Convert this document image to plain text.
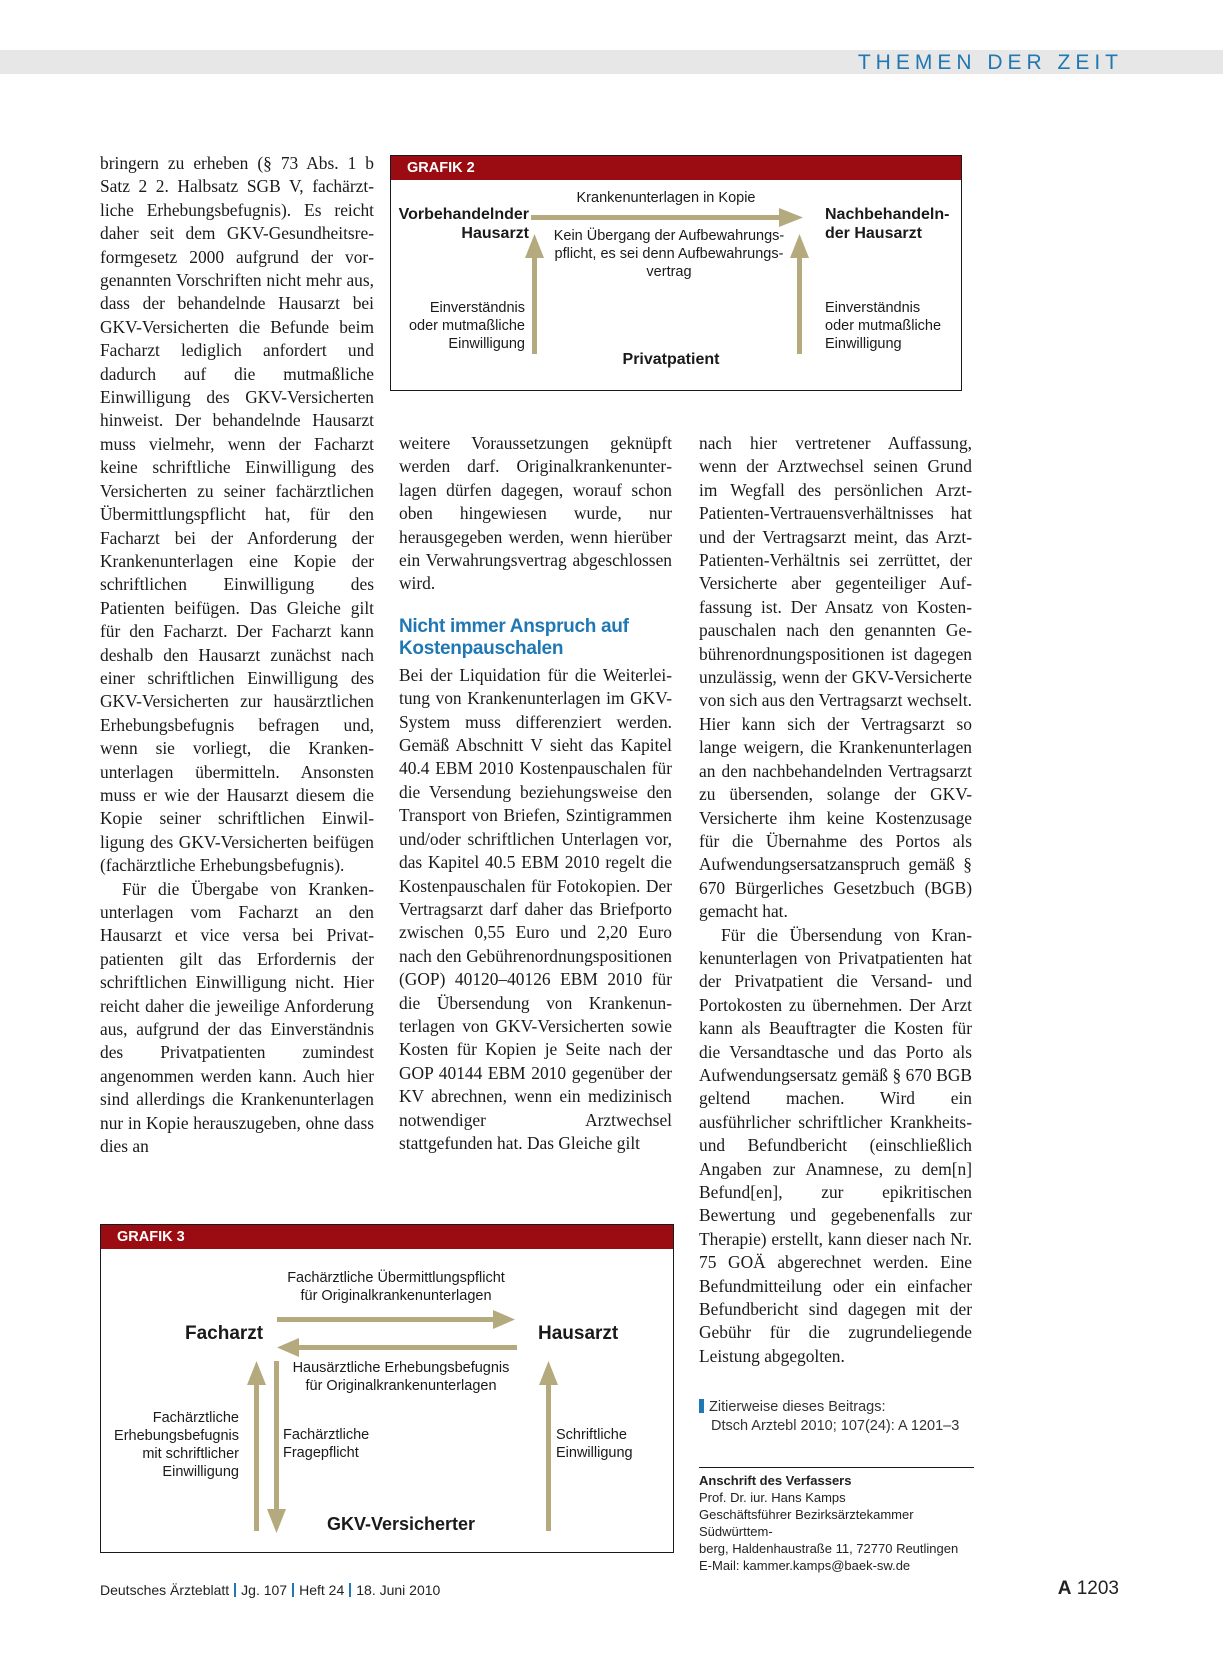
THEMEN DER ZEIT

bringern zu erheben (§ 73 Abs. 1 b Satz 2 2. Halbsatz SGB V, fachärztliche Erhebungsbefugnis). Es reicht daher seit dem GKV-Gesundheitsreformgesetz 2000 aufgrund der vorgenannten Vorschriften nicht mehr aus, dass der behandelnde Hausarzt bei GKV-Versicherten die Befunde beim Facharzt lediglich anfordert und dadurch auf die mutmaßliche Einwilligung des GKV-Versicherten hinweist. Der behandelnde Hausarzt muss vielmehr, wenn der Facharzt keine schriftliche Einwilligung des Versicherten zu seiner fachärztlichen Übermittlungspflicht hat, für den Facharzt bei der Anforderung der Krankenunterlagen eine Kopie der schriftlichen Einwilligung des Patienten beifügen. Das Gleiche gilt für den Facharzt. Der Facharzt kann deshalb den Hausarzt zunächst nach einer schriftlichen Einwilligung des GKV-Versicherten zur hausärztlichen Erhebungsbefugnis befragen und, wenn sie vorliegt, die Krankenunterlagen übermitteln. Ansonsten muss er wie der Hausarzt diesem die Kopie seiner schriftlichen Einwilligung des GKV-Versicherten beifügen (fachärztliche Erhebungsbefugnis).

Für die Übergabe von Krankenunterlagen vom Facharzt an den Hausarzt et vice versa bei Privatpatienten gilt das Erfordernis der schriftlichen Einwilligung nicht. Hier reicht daher die jeweilige Anforderung aus, aufgrund der das Einverständnis des Privatpatienten zumindest angenommen werden kann. Auch hier sind allerdings die Krankenunterlagen nur in Kopie herauszugeben, ohne dass dies an

weitere Voraussetzungen geknüpft werden darf. Originalkrankenunterlagen dürfen dagegen, worauf schon oben hingewiesen wurde, nur herausgegeben werden, wenn hierüber ein Verwahrungsvertrag abgeschlossen wird.

Nicht immer Anspruch auf Kostenpauschalen

Bei der Liquidation für die Weiterleitung von Krankenunterlagen im GKV-System muss differenziert werden. Gemäß Abschnitt V sieht das Kapitel 40.4 EBM 2010 Kostenpauschalen für die Versendung beziehungsweise den Transport von Briefen, Szintigrammen und/oder schriftlichen Unterlagen vor, das Kapitel 40.5 EBM 2010 regelt die Kostenpauschalen für Fotokopien. Der Vertragsarzt darf daher das Briefporto zwischen 0,55 Euro und 2,20 Euro nach den Gebührenordnungspositionen (GOP) 40120–40126 EBM 2010 für die Übersendung von Krankenunterlagen von GKV-Versicherten sowie Kosten für Kopien je Seite nach der GOP 40144 EBM 2010 gegenüber der KV abrechnen, wenn ein medizinisch notwendiger Arztwechsel stattgefunden hat. Das Gleiche gilt

nach hier vertretener Auffassung, wenn der Arztwechsel seinen Grund im Wegfall des persönlichen Arzt-Patienten-Vertrauensverhältnisses hat und der Vertragsarzt meint, das Arzt-Patienten-Verhältnis sei zerrüttet, der Versicherte aber gegenteiliger Auffassung ist. Der Ansatz von Kostenpauschalen nach den genannten Gebührenordnungspositionen ist dagegen unzulässig, wenn der GKV-Versicherte von sich aus den Vertragsarzt wechselt. Hier kann sich der Vertragsarzt so lange weigern, die Krankenunterlagen an den nachbehandelnden Vertragsarzt zu übersenden, solange der GKV-Versicherte ihm keine Kostenzusage für die Übernahme des Portos als Aufwendungsersatzanspruch gemäß § 670 Bürgerliches Gesetzbuch (BGB) gemacht hat.

Für die Übersendung von Krankenunterlagen von Privatpatienten hat der Privatpatient die Versand- und Portokosten zu übernehmen. Der Arzt kann als Beauftragter die Kosten für die Versandtasche und das Porto als Aufwendungsersatz gemäß § 670 BGB geltend machen. Wird ein ausführlicher schriftlicher Krankheits- und Befundbericht (einschließlich Angaben zur Anamnese, zu dem[n] Befund[en], zur epikritischen Bewertung und gegebenenfalls zur Therapie) erstellt, kann dieser nach Nr. 75 GOÄ abgerechnet werden. Eine Befundmitteilung oder ein einfacher Befundbericht sind dagegen mit der Gebühr für die zugrundeliegende Leistung abgegolten.

GRAFIK 2
Vorbehandelnder
Hausarzt
Nachbehandeln-
der Hausarzt
Krankenunterlagen in Kopie
Kein Übergang der Aufbewahrungs-
pflicht, es sei denn Aufbewahrungs-
vertrag
Einverständnis
oder mutmaßliche
Einwilligung
Einverständnis
oder mutmaßliche
Einwilligung
Privatpatient
GRAFIK 3
Fachärztliche Übermittlungspflicht
für Originalkrankenunterlagen
Facharzt	Hausarzt
Hausärztliche Erhebungsbefugnis
für Originalkrankenunterlagen
Fachärztliche
Erhebungsbefugnis
mit schriftlicher
Einwilligung
Fachärztliche
Fragepflicht
Schriftliche
Einwilligung
GKV-Versicherter
Zitierweise dieses Beitrags:
Dtsch Arztebl 2010; 107(24): A 1201–3
Anschrift des Verfassers
Prof. Dr. iur. Hans Kamps
Geschäftsführer Bezirksärztekammer Südwürttem-
berg, Haldenhaustraße 11, 72770 Reutlingen
E-Mail: kammer.kamps@baek-sw.de
Deutsches Ärzteblatt Jg. 107 Heft 24 18. Juni 2010	A 1203
